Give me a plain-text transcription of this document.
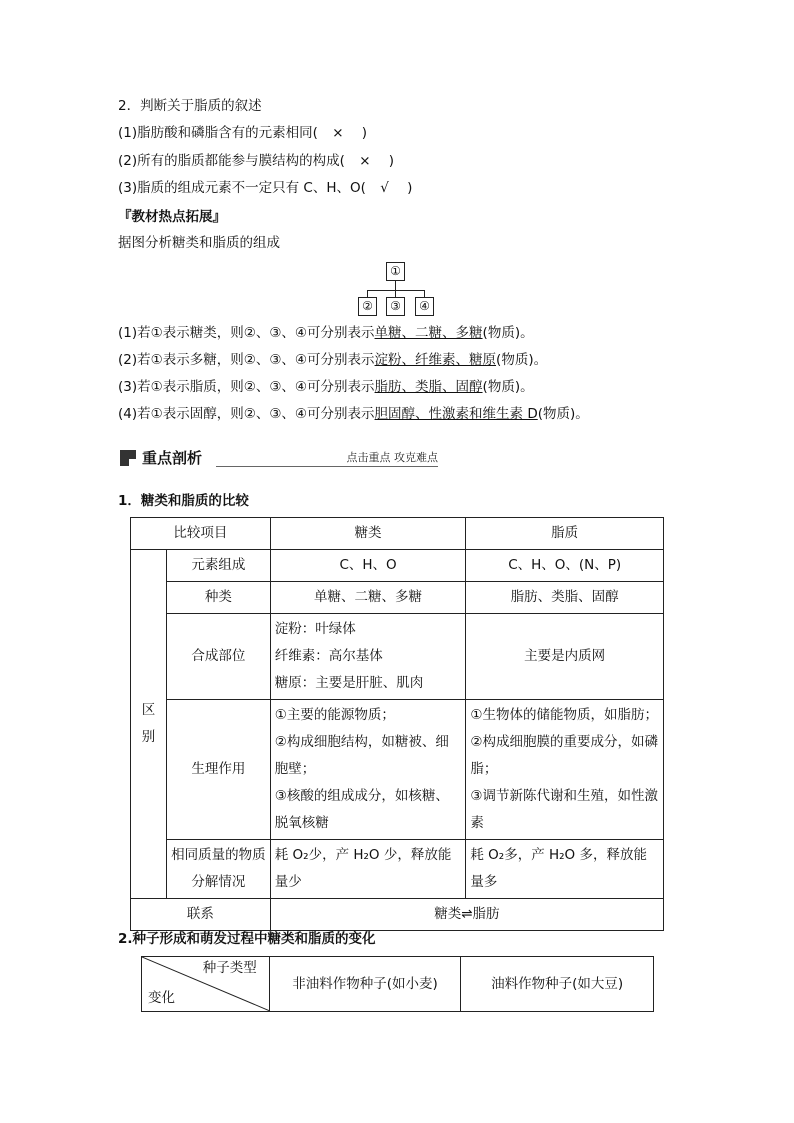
2．判断关于脂质的叙述
(1)脂肪酸和磷脂含有的元素相同( × )
(2)所有的脂质都能参与膜结构的构成( × )
(3)脂质的组成元素不一定只有 C、H、O( √ )
『 教材热点拓展 』
据图分析糖类和脂质的组成
①
②	③	④
(1)若①表示糖类，则②、③、④可分别表示单糖、二糖、多糖(物质)。
(2)若①表示多糖，则②、③、④可分别表示淀粉、纤维素、糖原(物质)。
(3)若①表示脂质，则②、③、④可分别表示脂肪、类脂、固醇(物质)。
(4)若①表示固醇，则②、③、④可分别表示胆固醇、性激素和维生素 D(物质)。
重点剖析	点击重点 攻克难点
1．糖类和脂质的比较
比较项目		糖类	脂质
区
别	元素组成	C、H、O	C、H、O、(N、P)
	种类	单糖、二糖、多糖	脂肪、类脂、固醇
	合成部位	淀粉：叶绿体
纤维素：高尔基体
糖原：主要是肝脏、肌肉	主要是内质网
	生理作用	①主要的能源物质；
②构成细胞结构，如糖被、细胞壁；
③核酸的组成成分，如核糖、脱氧核糖	①生物体的储能物质，如脂肪；
②构成细胞膜的重要成分，如磷脂；
③调节新陈代谢和生殖，如性激素
	相同质量的物质分解情况	耗 O₂少，产 H₂O 少，释放能量少	耗 O₂多，产 H₂O 多，释放能量多
联系		糖类⇌脂肪	
2.种子形成和萌发过程中糖类和脂质的变化
种子类型
变化
	非油料作物种子(如小麦)	油料作物种子(如大豆)
